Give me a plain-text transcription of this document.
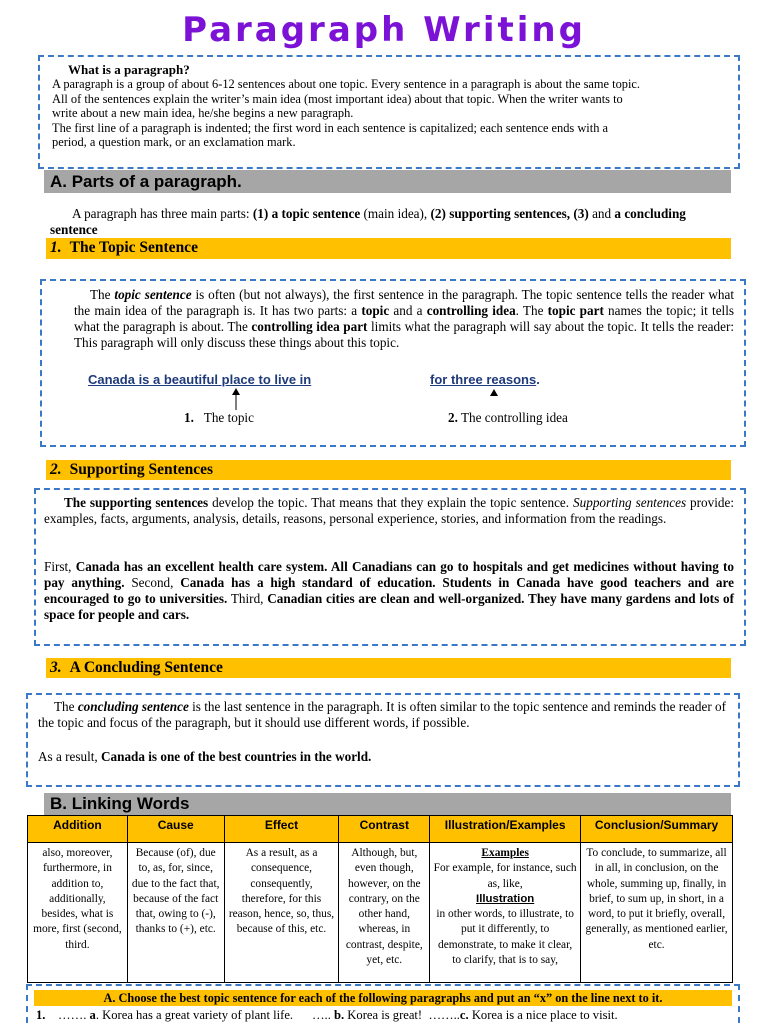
Paragraph Writing
What is a paragraph?
A paragraph is a group of about 6-12 sentences about one topic. Every sentence in a paragraph is about the same topic.
All of the sentences explain the writer’s main idea (most important idea) about that topic. When the writer wants to
write about a new main idea, he/she begins a new paragraph.
The first line of a paragraph is indented; the first word in each sentence is capitalized; each sentence ends with a
period, a question mark, or an exclamation mark.
A. Parts of a paragraph.
A paragraph has three main parts: (1) a topic sentence (main idea), (2) supporting sentences, (3) and a concluding sentence
1. The Topic Sentence
The topic sentence is often (but not always), the first sentence in the paragraph. The topic sentence tells the reader what the main idea of the paragraph is. It has two parts: a topic and a controlling idea. The topic part names the topic; it tells what the paragraph is about. The controlling idea part limits what the paragraph will say about the topic. It tells the reader: This paragraph will only discuss these things about this topic.
Canada is a beautiful place to live in	for three reasons.
1. The topic	2. The controlling idea
2. Supporting Sentences
The supporting sentences develop the topic. That means that they explain the topic sentence. Supporting sentences provide: examples, facts, arguments, analysis, details, reasons, personal experience, stories, and information from the readings.
First, Canada has an excellent health care system. All Canadians can go to hospitals and get medicines without having to pay anything. Second, Canada has a high standard of education. Students in Canada have good teachers and are encouraged to go to universities. Third, Canadian cities are clean and well-organized. They have many gardens and lots of space for people and cars.
3. A Concluding Sentence
The concluding sentence is the last sentence in the paragraph. It is often similar to the topic sentence and reminds the reader of the topic and focus of the paragraph, but it should use different words, if possible.
As a result, Canada is one of the best countries in the world.
B. Linking Words
Addition	Cause	Effect	Contrast	Illustration/Examples	Conclusion/Summary
also, moreover, furthermore, in addition to, additionally, besides, what is more, first (second, third.	Because (of), due to, as, for, since, due to the fact that, because of the fact that, owing to (-), thanks to (+), etc.	As a result, as a consequence, consequently, therefore, for this reason, hence, so, thus, because of this, etc.	Although, but, even though, however, on the contrary, on the other hand, whereas, in contrast, despite, yet, etc.	Examples
For example, for instance, such as, like,
Illustration
in other words, to illustrate, to put it differently, to demonstrate, to make it clear, to clarify, that is to say,	To conclude, to summarize, all in all, in conclusion, on the whole, summing up, finally, in brief, to sum up, in short, in a word, to put it briefly, overall, generally, as mentioned earlier, etc.
A. Choose the best topic sentence for each of the following paragraphs and put an “x” on the line next to it.
1. ……. a. Korea has a great variety of plant life. ….. b. Korea is great! ……..c. Korea is a nice place to visit.
